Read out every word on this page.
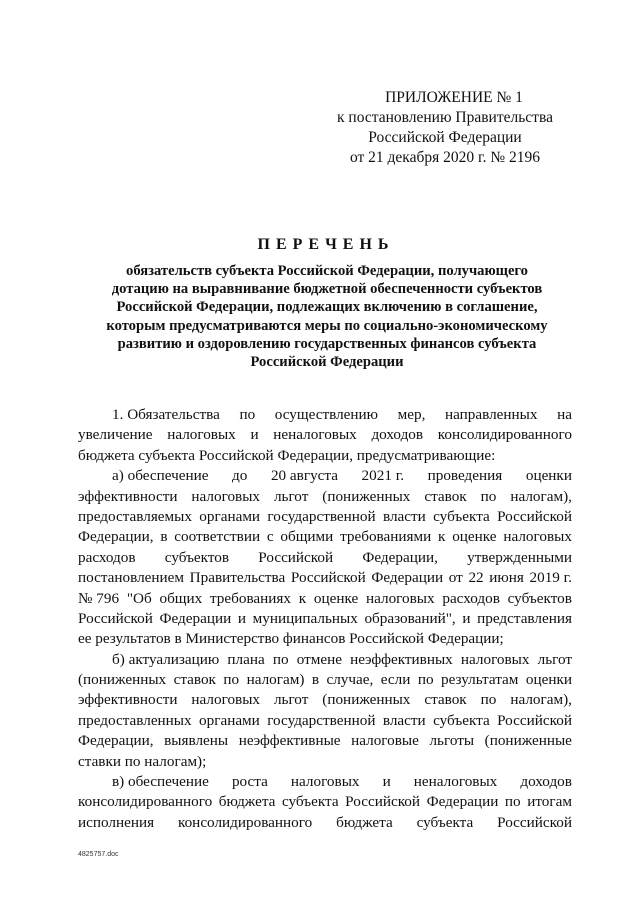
ПРИЛОЖЕНИЕ № 1
к постановлению Правительства
Российской Федерации
от 21 декабря 2020 г. № 2196
ПЕРЕЧЕНЬ
обязательств субъекта Российской Федерации, получающего
дотацию на выравнивание бюджетной обеспеченности субъектов
Российской Федерации, подлежащих включению в соглашение,
которым предусматриваются меры по социально-экономическому
развитию и оздоровлению государственных финансов субъекта
Российской Федерации
1. Обязательства по осуществлению мер, направленных на
увеличение налоговых и неналоговых доходов консолидированного
бюджета субъекта Российской Федерации, предусматривающие:
а) обеспечение до 20 августа 2021 г. проведения оценки
эффективности налоговых льгот (пониженных ставок по налогам),
предоставляемых органами государственной власти субъекта Российской
Федерации, в соответствии с общими требованиями к оценке налоговых
расходов субъектов Российской Федерации, утвержденными
постановлением Правительства Российской Федерации от 22 июня 2019 г.
№ 796 "Об общих требованиях к оценке налоговых расходов субъектов
Российской Федерации и муниципальных образований", и представления
ее результатов в Министерство финансов Российской Федерации;
б) актуализацию плана по отмене неэффективных налоговых льгот
(пониженных ставок по налогам) в случае, если по результатам оценки
эффективности налоговых льгот (пониженных ставок по налогам),
предоставленных органами государственной власти субъекта Российской
Федерации, выявлены неэффективные налоговые льготы (пониженные
ставки по налогам);
в) обеспечение роста налоговых и неналоговых доходов
консолидированного бюджета субъекта Российской Федерации по итогам
исполнения консолидированного бюджета субъекта Российской
4825757.doc
